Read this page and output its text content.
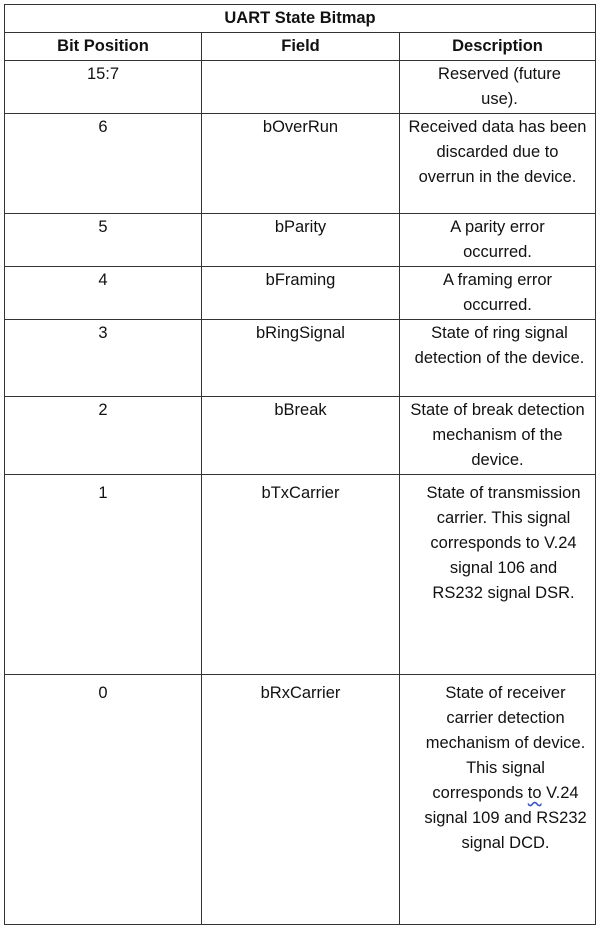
UART State Bitmap		
Bit Position	Field	Description
15:7		Reserved (future use).
6	bOverRun	Received data has been discarded due to overrun in the device.
5	bParity	A parity error occurred.
4	bFraming	A framing error occurred.
3	bRingSignal	State of ring signal detection of the device.
2	bBreak	State of break detection mechanism of the device.
1	bTxCarrier	State of transmission carrier. This signal corresponds to V.24 signal 106 and RS232 signal DSR.
0	bRxCarrier	State of receiver carrier detection mechanism of device. This signal corresponds to V.24 signal 109 and RS232 signal DCD.
